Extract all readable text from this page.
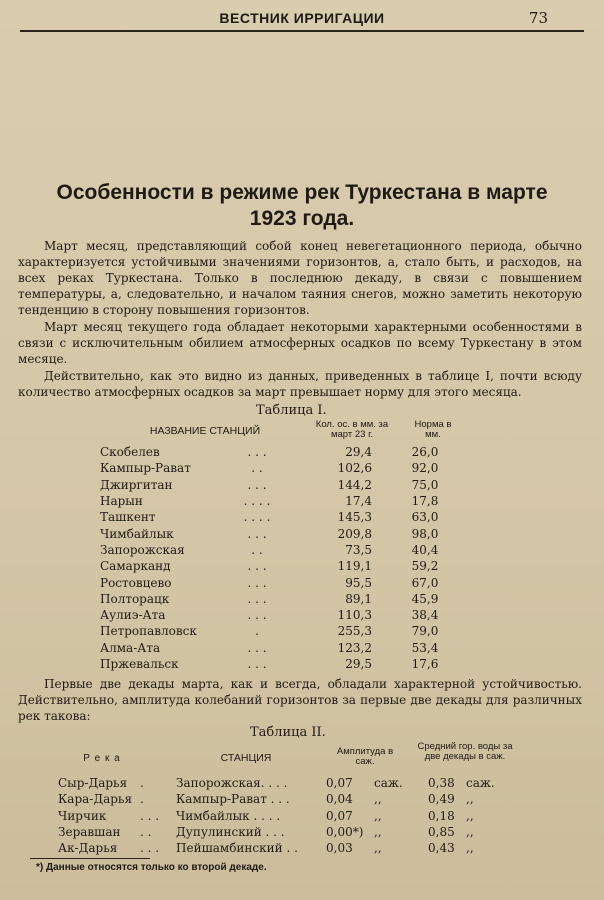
ВЕСТНИК ИРРИГАЦИИ	73
Особенности в режиме рек Туркестана в марте
1923 года.

Март месяц, представляющий собой конец невегетационного периода, обычно характеризуется устойчивыми значениями горизонтов, а, стало быть, и расходов, на всех реках Туркестана. Только в последнюю декаду, в связи с повышением температуры, а, следовательно, и началом таяния снегов, можно заметить некоторую тенденцию в сторону повышения горизонтов.

Март месяц текущего года обладает некоторыми характерными особенностями в связи с исключительным обилием атмосферных осадков по всему Туркестану в этом месяце.

Действительно, как это видно из данных, приведенных в таблице I, почти всюду количество атмосферных осадков за март превышает норму для этого месяца.

Таблица I.
НАЗВАНИЕ СТАНЦИЙ
Кол. ос. в мм. за март 23 г.
Норма в мм.
Скобелев	. . .	29,4		26,0
Кампыр-Рават	. .	102,6		92,0
Джиргитан	. . .	144,2		75,0
Нарын	. . . .	17,4		17,8
Ташкент	. . . .	145,3		63,0
Чимбайлык	. . .	209,8		98,0
Запорожская	. .	73,5		40,4
Самарканд	. . .	119,1		59,2
Ростовцево	. . .	95,5		67,0
Полторацк	. . .	89,1		45,9
Аулиэ-Ата	. . .	110,3		38,4
Петропавловск	.	255,3		79,0
Алма-Ата	. . .	123,2		53,4
Пржевальск	. . .	29,5		17,6

Первые две декады марта, как и всегда, обладали характерной устойчивостью. Действительно, амплитуда колебаний горизонтов за первые две декады для различных рек такова:

Таблица II.
Р е к а	СТАНЦИЯ
Амплитуда в саж.
Средний гор. воды за две декады в саж.
Сыр-Дарья	.	Запорожская. . . .	0,07	саж.	0,38	саж.
Кара-Дарья	.	Кампыр-Рават . . .	0,04	,,	0,49	,,
Чирчик	. . .	Чимбайлык . . . .	0,07	,,	0,18	,,
Зеравшан	. .	Дупулинский . . .	0,00*)	,,	0,85	,,
Ак-Дарья	. . .	Пейшамбинский . .	0,03	,,	0,43	,,
*) Данные относятся только ко второй декаде.
